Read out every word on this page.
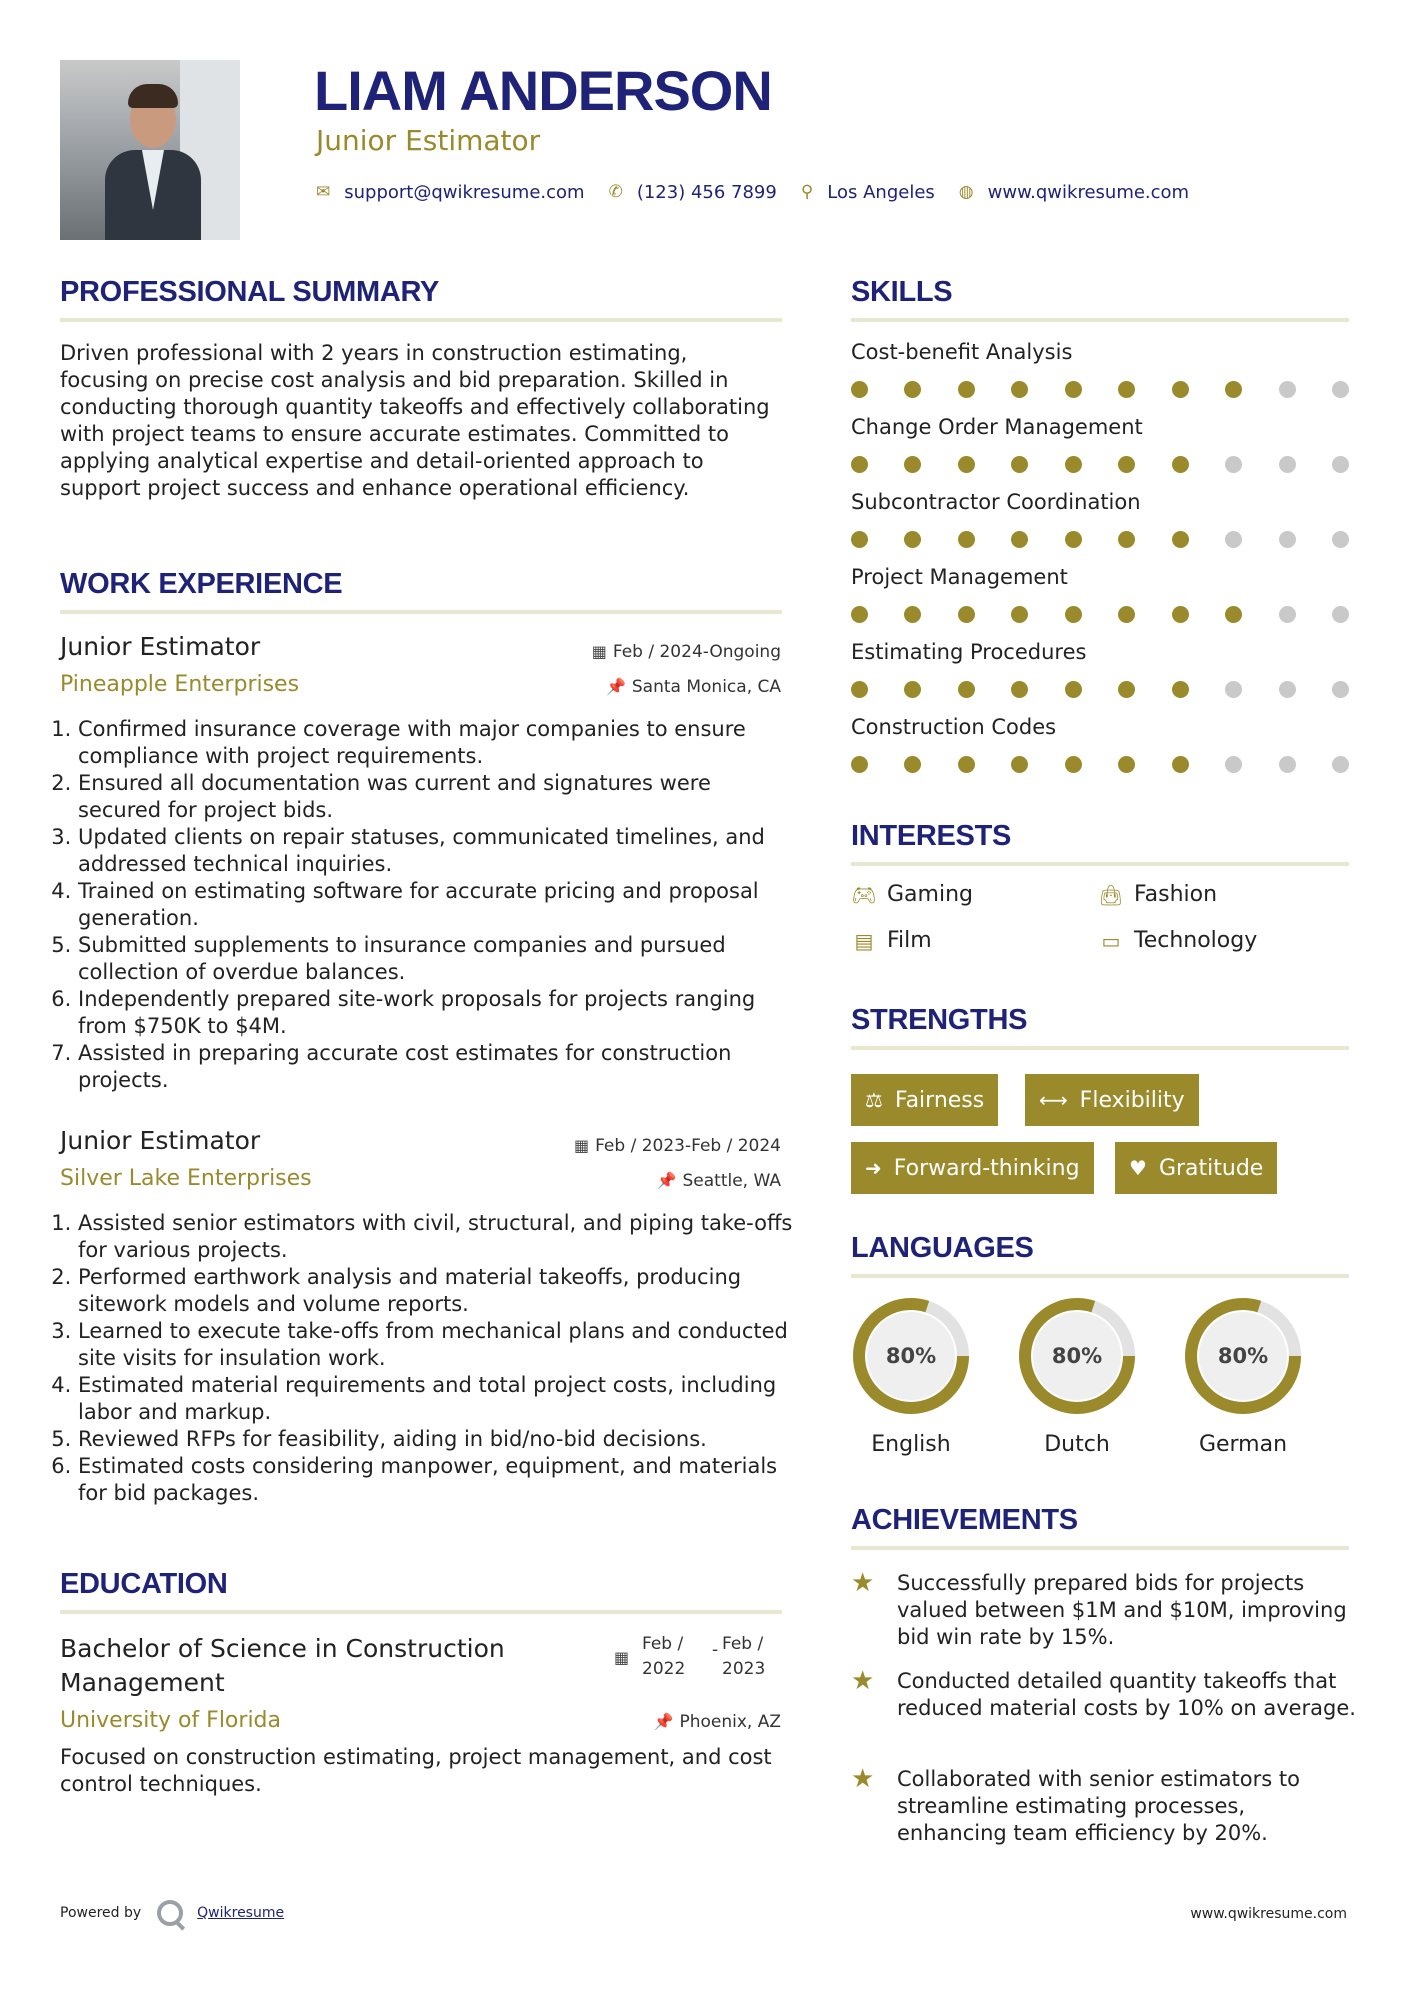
LIAM ANDERSON
Junior Estimator
✉ support@qwikresume.com ✆ (123) 456 7899 ⚲ Los Angeles ◍ www.qwikresume.com
PROFESSIONAL SUMMARY
Driven professional with 2 years in construction estimating, focusing on precise cost analysis and bid preparation. Skilled in conducting thorough quantity takeoffs and effectively collaborating with project teams to ensure accurate estimates. Committed to applying analytical expertise and detail-oriented approach to support project success and enhance operational efficiency.
WORK EXPERIENCE
Junior Estimator	▦ Feb / 2024-Ongoing
Pineapple Enterprises	📌 Santa Monica, CA
1. Confirmed insurance coverage with major companies to ensure compliance with project requirements.
2. Ensured all documentation was current and signatures were secured for project bids.
3. Updated clients on repair statuses, communicated timelines, and addressed technical inquiries.
4. Trained on estimating software for accurate pricing and proposal generation.
5. Submitted supplements to insurance companies and pursued collection of overdue balances.
6. Independently prepared site-work proposals for projects ranging from $750K to $4M.
7. Assisted in preparing accurate cost estimates for construction projects.
Junior Estimator	▦ Feb / 2023-Feb / 2024
Silver Lake Enterprises	📌 Seattle, WA
1. Assisted senior estimators with civil, structural, and piping take-offs for various projects.
2. Performed earthwork analysis and material takeoffs, producing sitework models and volume reports.
3. Learned to execute take-offs from mechanical plans and conducted site visits for insulation work.
4. Estimated material requirements and total project costs, including labor and markup.
5. Reviewed RFPs for feasibility, aiding in bid/no-bid decisions.
6. Estimated costs considering manpower, equipment, and materials for bid packages.
EDUCATION
Bachelor of Science in Construction Management
▦
Feb /
2022
- Feb /
2023
University of Florida	📌 Phoenix, AZ
Focused on construction estimating, project management, and cost control techniques.
SKILLS
Cost-benefit Analysis
Change Order Management
Subcontractor Coordination
Project Management
Estimating Procedures
Construction Codes
INTERESTS
🎮︎ Gaming	👜︎ Fashion
▤ Film	▭ Technology
STRENGTHS
⚖ Fairness	⟷ Flexibility
➜ Forward-thinking ♥ Gratitude
LANGUAGES
80%
English
80%
Dutch
80%
German
ACHIEVEMENTS
★	Successfully prepared bids for projects valued between $1M and $10M, improving bid win rate by 15%.
★	Conducted detailed quantity takeoffs that reduced material costs by 10% on average.
★	Collaborated with senior estimators to streamline estimating processes, enhancing team efficiency by 20%.
Powered by	Qwikresume	www.qwikresume.com
